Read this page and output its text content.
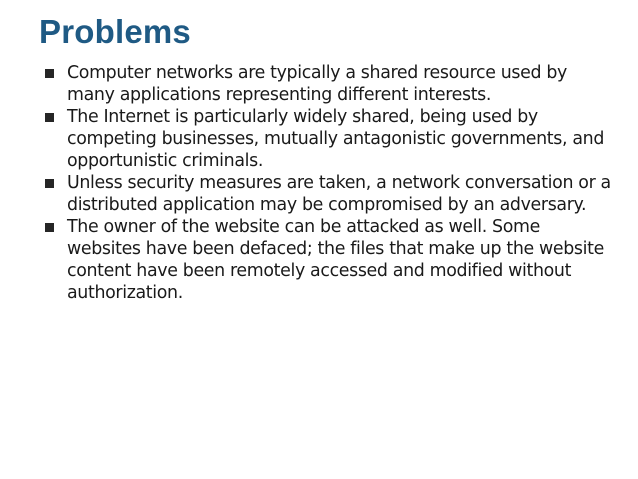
Problems
Computer networks are typically a shared resource used by many applications representing different interests.
The Internet is particularly widely shared, being used by competing businesses, mutually antagonistic governments, and opportunistic criminals.
Unless security measures are taken, a network conversation or a distributed application may be compromised by an adversary.
The owner of the website can be attacked as well. Some websites have been defaced; the files that make up the website content have been remotely accessed and modified without authorization.
